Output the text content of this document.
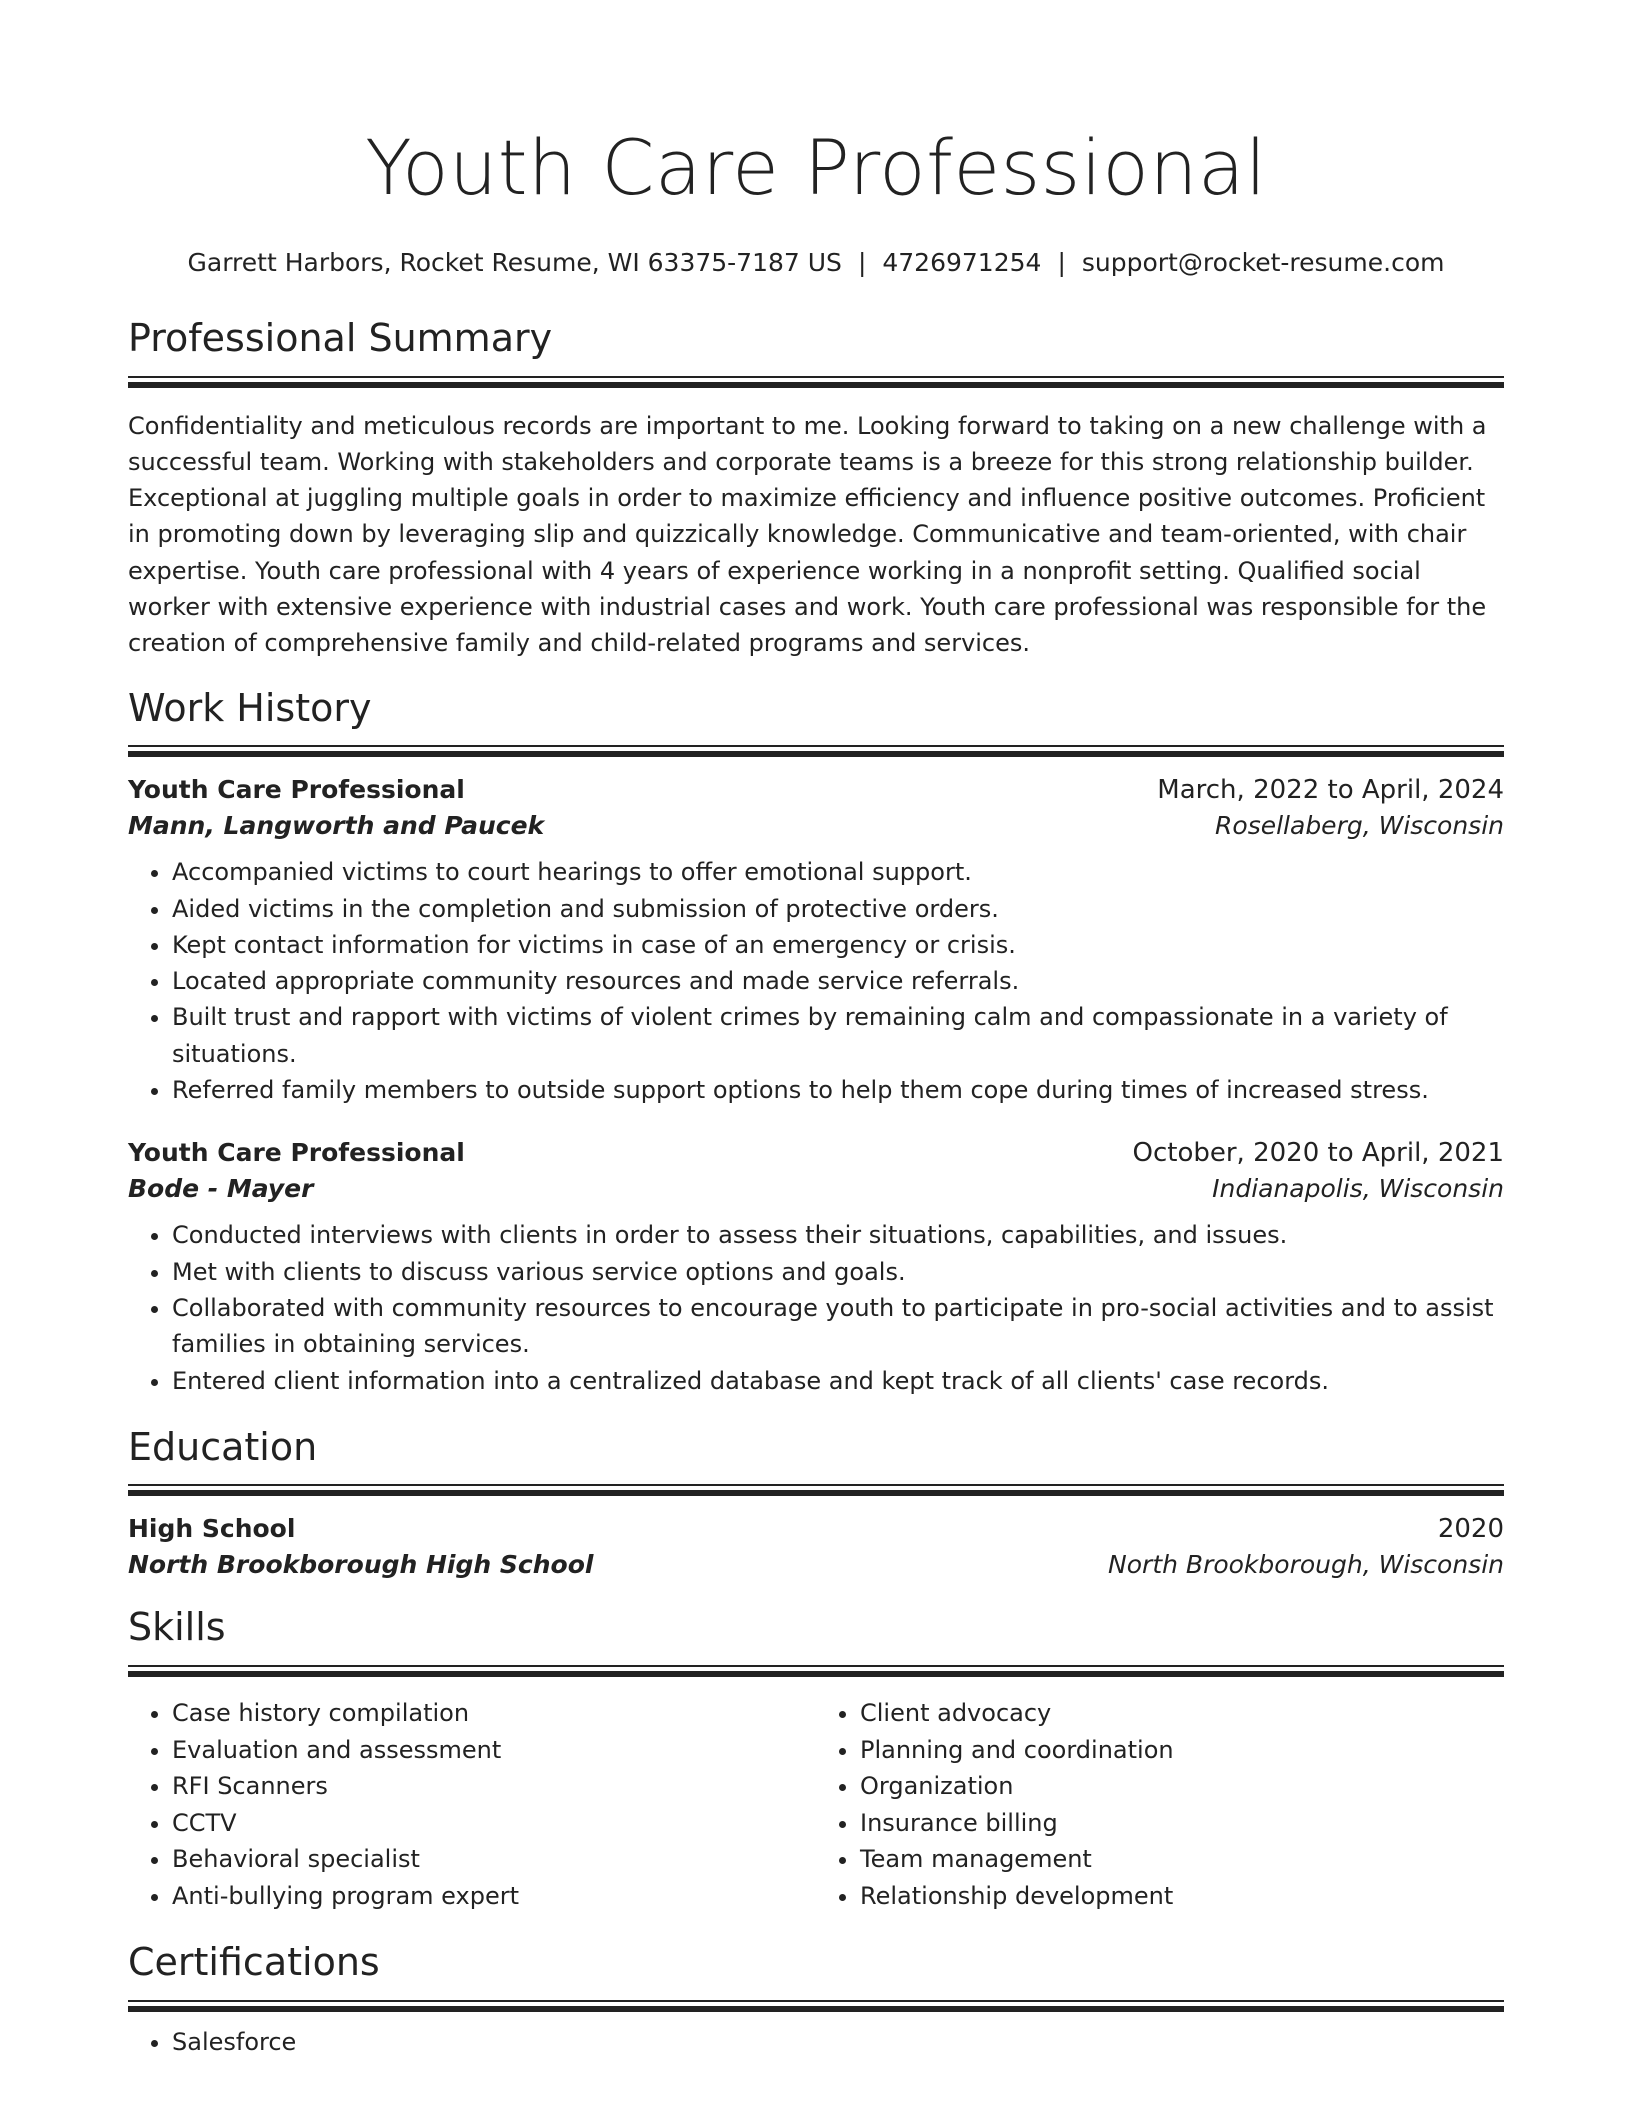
Youth Care Professional
Garrett Harbors, Rocket Resume, WI 63375-7187 US | 4726971254 | support@rocket-resume.com
Professional Summary

Confidentiality and meticulous records are important to me. Looking forward to taking on a new challenge with a successful team. Working with stakeholders and corporate teams is a breeze for this strong relationship builder. Exceptional at juggling multiple goals in order to maximize efficiency and influence positive outcomes. Proficient in promoting down by leveraging slip and quizzically knowledge. Communicative and team-oriented, with chair expertise. Youth care professional with 4 years of experience working in a nonprofit setting. Qualified social worker with extensive experience with industrial cases and work. Youth care professional was responsible for the creation of comprehensive family and child-related programs and services.

Work History
Youth Care Professional	March, 2022 to April, 2024
Mann, Langworth and Paucek	Rosellaberg, Wisconsin
• Accompanied victims to court hearings to offer emotional support.
• Aided victims in the completion and submission of protective orders.
• Kept contact information for victims in case of an emergency or crisis.
• Located appropriate community resources and made service referrals.
• Built trust and rapport with victims of violent crimes by remaining calm and compassionate in a variety of situations.
• Referred family members to outside support options to help them cope during times of increased stress.
Youth Care Professional	October, 2020 to April, 2021
Bode - Mayer	Indianapolis, Wisconsin
• Conducted interviews with clients in order to assess their situations, capabilities, and issues.
• Met with clients to discuss various service options and goals.
• Collaborated with community resources to encourage youth to participate in pro-social activities and to assist families in obtaining services.
• Entered client information into a centralized database and kept track of all clients' case records.
Education
High School	2020
North Brookborough High School	North Brookborough, Wisconsin
Skills
• Case history compilation
• Evaluation and assessment
• RFI Scanners
• CCTV
• Behavioral specialist
• Anti-bullying program expert
• Client advocacy
• Planning and coordination
• Organization
• Insurance billing
• Team management
• Relationship development
Certifications
• Salesforce
